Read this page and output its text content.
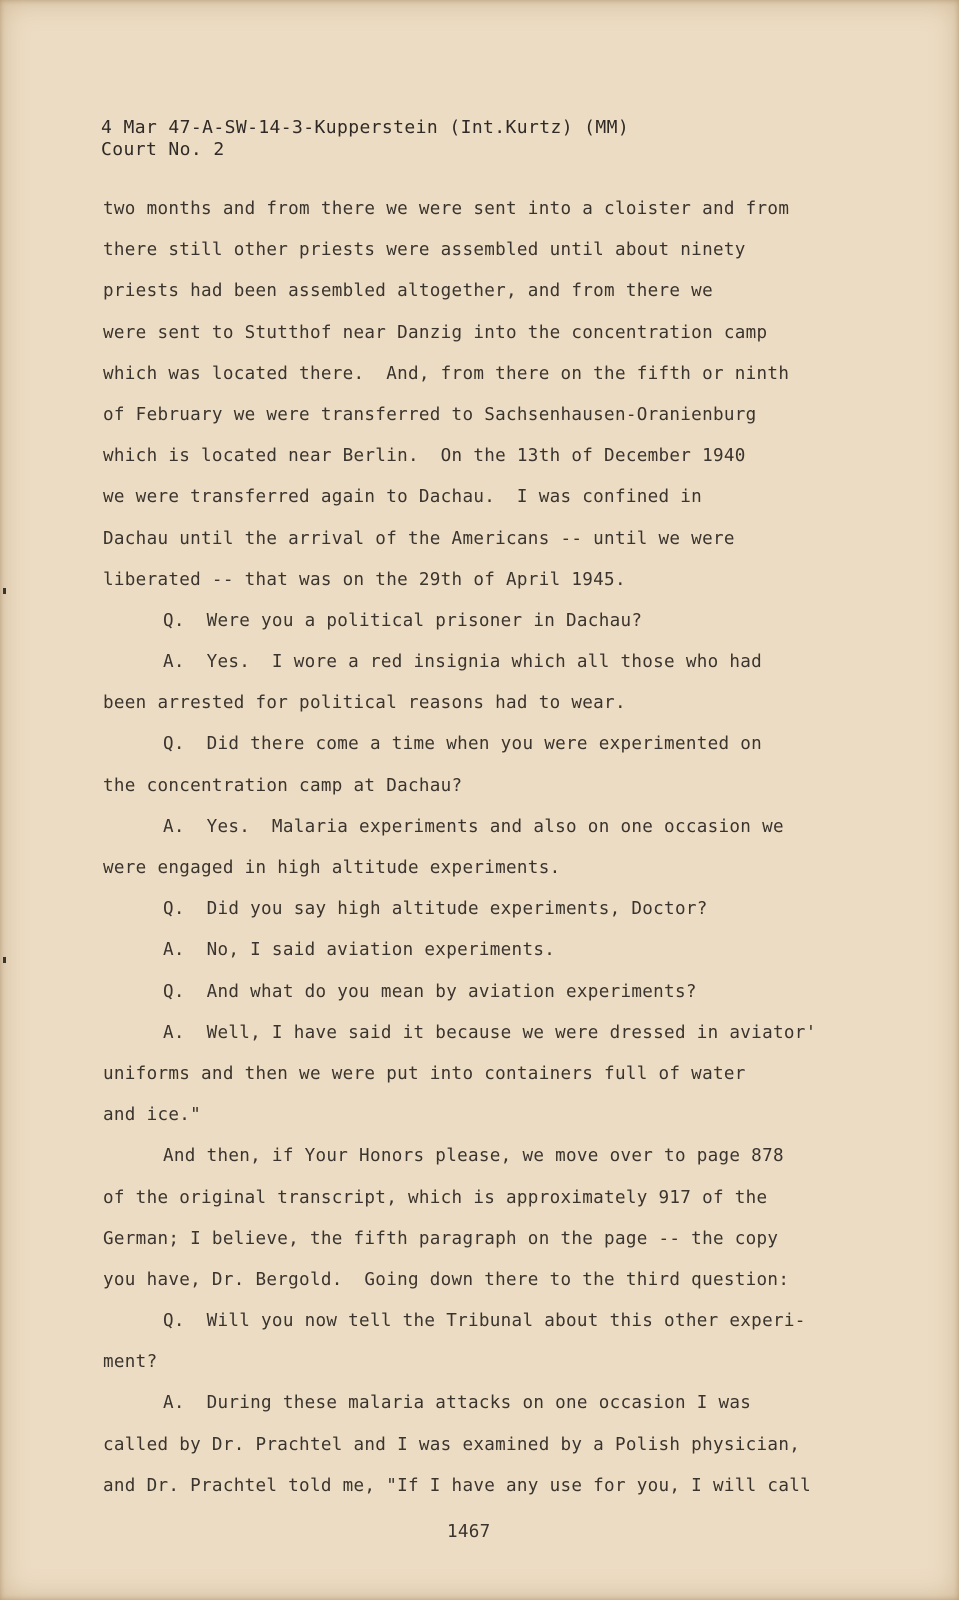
4 Mar 47-A-SW-14-3-Kupperstein (Int.Kurtz) (MM)
Court No. 2
two months and from there we were sent into a cloister and from
there still other priests were assembled until about ninety
priests had been assembled altogether, and from there we
were sent to Stutthof near Danzig into the concentration camp
which was located there.  And, from there on the fifth or ninth
of February we were transferred to Sachsenhausen-Oranienburg
which is located near Berlin.  On the 13th of December 1940
we were transferred again to Dachau.  I was confined in
Dachau until the arrival of the Americans -- until we were
liberated -- that was on the 29th of April 1945.
Q.  Were you a political prisoner in Dachau?
A.  Yes.  I wore a red insignia which all those who had
been arrested for political reasons had to wear.
Q.  Did there come a time when you were experimented on
the concentration camp at Dachau?
A.  Yes.  Malaria experiments and also on one occasion we
were engaged in high altitude experiments.
Q.  Did you say high altitude experiments, Doctor?
A.  No, I said aviation experiments.
Q.  And what do you mean by aviation experiments?
A.  Well, I have said it because we were dressed in aviator'
uniforms and then we were put into containers full of water
and ice."
And then, if Your Honors please, we move over to page 878
of the original transcript, which is approximately 917 of the
German; I believe, the fifth paragraph on the page -- the copy
you have, Dr. Bergold.  Going down there to the third question:
Q.  Will you now tell the Tribunal about this other experi-
ment?
A.  During these malaria attacks on one occasion I was
called by Dr. Prachtel and I was examined by a Polish physician,
and Dr. Prachtel told me, "If I have any use for you, I will call
1467
